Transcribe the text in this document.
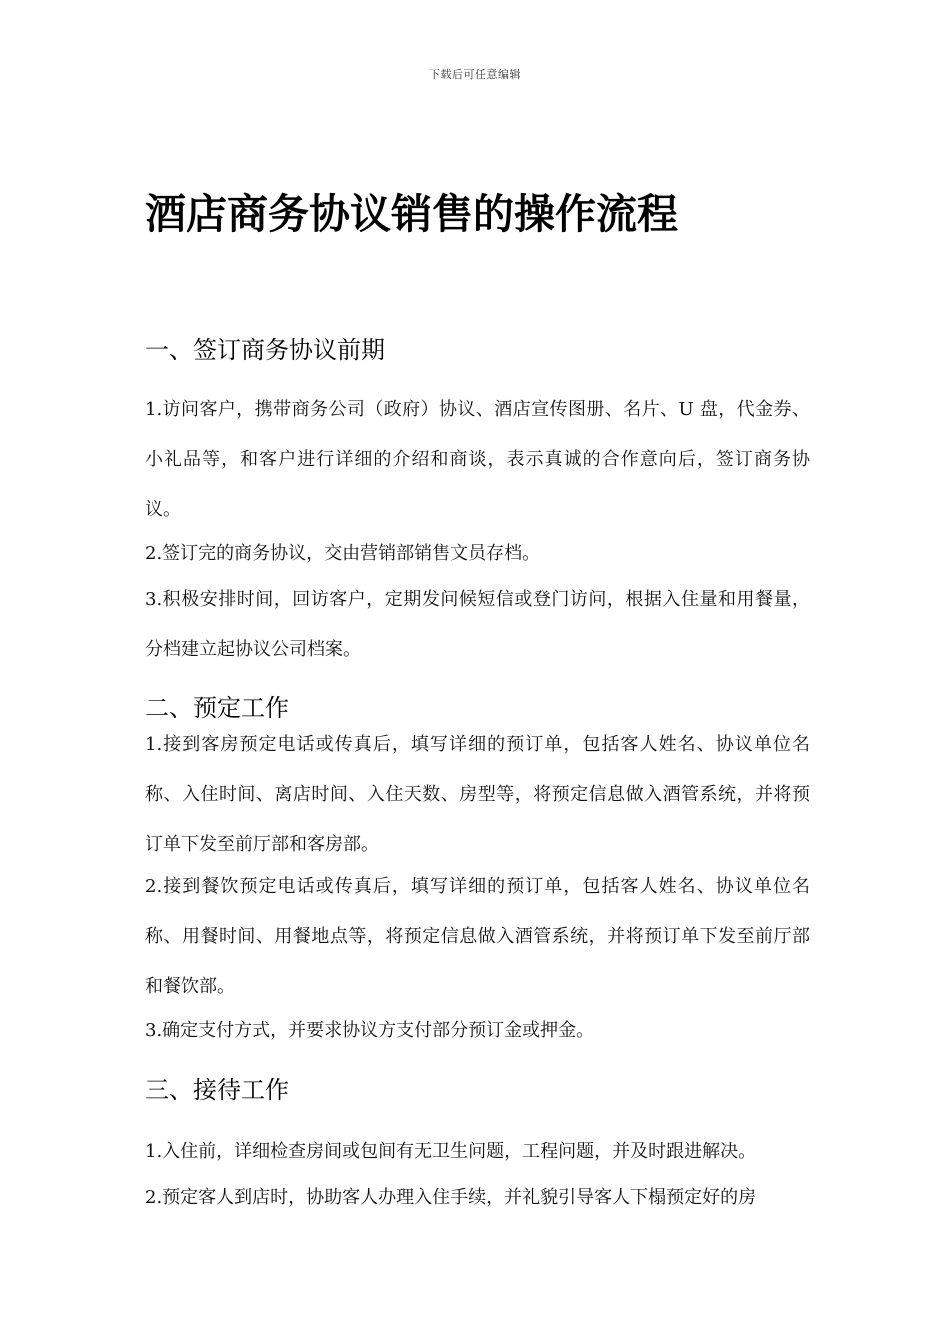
下载后可任意编辑
酒店商务协议销售的操作流程
一、签订商务协议前期

1.访问客户，携带商务公司（政府）协议、酒店宣传图册、名片、U 盘，代金券、小礼品等，和客户进行详细的介绍和商谈，表示真诚的合作意向后，签订商务协议。

2.签订完的商务协议，交由营销部销售文员存档。

3.积极安排时间，回访客户，定期发问候短信或登门访问，根据入住量和用餐量，分档建立起协议公司档案。

二、预定工作

1.接到客房预定电话或传真后，填写详细的预订单，包括客人姓名、协议单位名称、入住时间、离店时间、入住天数、房型等，将预定信息做入酒管系统，并将预订单下发至前厅部和客房部。

2.接到餐饮预定电话或传真后，填写详细的预订单，包括客人姓名、协议单位名称、用餐时间、用餐地点等，将预定信息做入酒管系统，并将预订单下发至前厅部和餐饮部。

3.确定支付方式，并要求协议方支付部分预订金或押金。

三、接待工作

1.入住前，详细检查房间或包间有无卫生问题，工程问题，并及时跟进解决。

2.预定客人到店时，协助客人办理入住手续，并礼貌引导客人下榻预定好的房
